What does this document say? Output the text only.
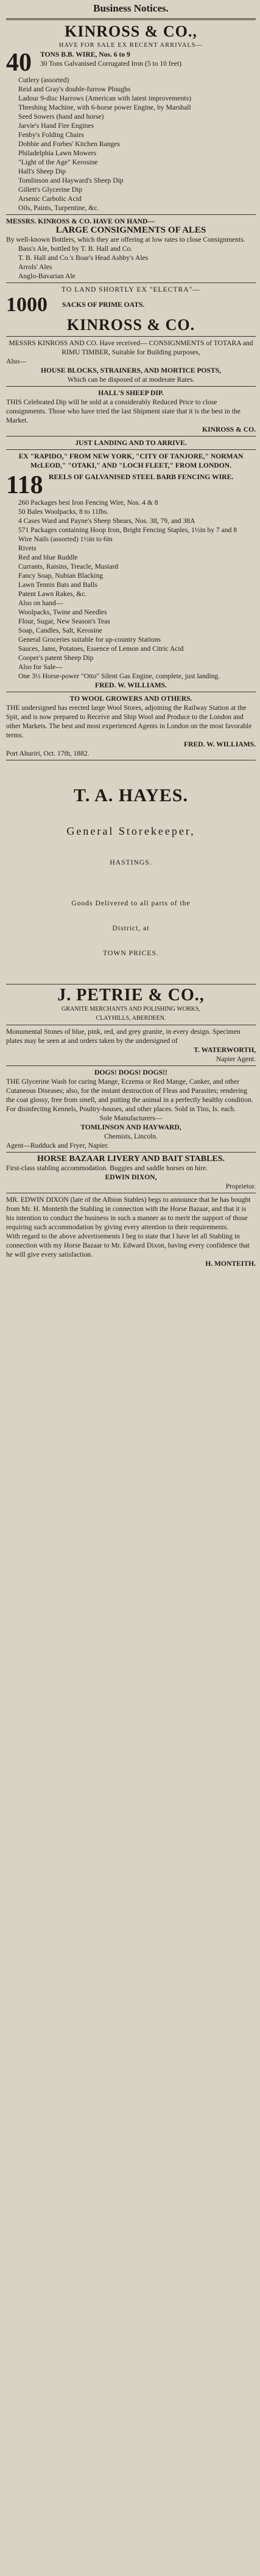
Business Notices.
KINROSS & CO.,
HAVE FOR SALE EX RECENT ARRIVALS—
40	TONS B.B. WIRE, Nos. 6 to 9
30 Tons Galvanised Corrugated Iron (5 to 10 feet)
Cutlery (assorted)
Reid and Gray's double-furrow Ploughs
Ladour 9-disc Harrows (American with latest improvements)
Threshing Machine, with 6-horse power Engine, by Marshall
Seed Sowers (hand and horse)
Jarvie's Hand Fire Engines
Fenby's Folding Chairs
Dobbie and Forbes' Kitchen Ranges
Philadelphia Lawn Mowers
"Light of the Age" Kerosine
Hall's Sheep Dip
Tomlinson and Hayward's Sheep Dip
Gillett's Glycerine Dip
Arsenic Carbolic Acid
Oils, Paints, Turpentine, &c.
MESSRS. KINROSS & CO. HAVE ON HAND—
LARGE CONSIGNMENTS OF ALES
By well-known Bottlers, which they are offering at low rates to close Consignments.
Bass's Ale, bottled by T. B. Hall and Co.
T. B. Hall and Co.'s Boar's Head Ashby's Ales
Arrols' Ales
Anglo-Bavarian Ale
TO LAND SHORTLY EX "ELECTRA"—
1000	SACKS OF PRIME OATS.
KINROSS & CO.
MESSRS KINROSS AND CO. Have received— CONSIGNMENTS of TOTARA and RIMU TIMBER, Suitable for Building purposes,
Also—
HOUSE BLOCKS, STRAINERS, AND MORTICE POSTS,
Which can be disposed of at moderate Rates.
HALL'S SHEEP DIP.
THIS Celebrated Dip will be sold at a considerably Reduced Price to close consignments. Those who have tried the last Shipment state that it is the best in the Market.
KINROSS & CO.
JUST LANDING AND TO ARRIVE.
EX "RAPIDO," FROM NEW YORK, "CITY OF TANJORE," NORMAN McLEOD," "OTAKI," AND "LOCH FLEET," FROM LONDON.
118 REELS OF GALVANISED STEEL BARB FENCING WIRE.
260 Packages best Iron Fencing Wire, Nos. 4 & 8
50 Bales Woolpacks, 8 to 11lbs.
4 Cases Ward and Payne's Sheep Shears, Nos. 38, 79, and 38A
571 Packages containing Hoop Iron, Bright Fencing Staples, 1½in by 7 and 8
Wire Nails (assorted) 1½in to 6in
Rivets
Red and blue Ruddle
Currants, Raisins, Treacle, Mustard
Fancy Soap, Nubian Blacking
Lawn Tennis Bats and Balls
Patent Lawn Rakes, &c.
Also on hand—
Woolpacks, Twine and Needles
Flour, Sugar, New Season's Teas
Soap, Candles, Salt, Kerosine
General Groceries suitable for up-country Stations
Sauces, Jams, Potatoes, Essence of Lemon and Citric Acid
Cooper's patent Sheep Dip
Also for Sale—
One 3½ Horse-power "Otto" Silent Gas Engine, complete, just landing.
FRED. W. WILLIAMS.
TO WOOL GROWERS AND OTHERS.
THE undersigned has erected large Wool Stores, adjoining the Railway Station at the Spit, and is now prepared to Receive and Ship Wool and Produce to the London and other Markets. The best and most experienced Agents in London on the most favorable terms.
FRED. W. WILLIAMS.
Port Ahuriri, Oct. 17th, 1882.
T. A. HAYES.
General Storekeeper,
HASTINGS.
Goods Delivered to all parts of the
District, at
TOWN PRICES.
J. PETRIE & CO.,
GRANITE MERCHANTS AND POLISHING WORKS,
CLAYHILLS, ABERDEEN.
Monumental Stones of blue, pink, red, and grey granite, in every design. Specimen plates may be seen at and orders taken by the undersigned of
T. WATERWORTH,
Napier Agent.
DOGS! DOGS! DOGS!!
THE Glycerine Wash for curing Mange, Eczema or Red Mange, Canker, and other Cutaneous Diseases; also, for the instant destruction of Fleas and Parasites; rendering the coat glossy, free from smell, and putting the animal in a perfectly healthy condition. For disinfecting Kennels, Poultry-houses, and other places. Sold in Tins, Is. each.
Sole Manufacturers—
TOMLINSON AND HAYWARD,
Chemists, Lincoln.
Agent—Rudduck and Fryer, Napier.
HORSE BAZAAR LIVERY AND BAIT STABLES.
First-class stabling accommodation. Buggies and saddle horses on hire.
EDWIN DIXON,
Proprietor.
MR. EDWIN DIXON (late of the Albion Stables) begs to announce that he has bought from Mr. H. Monteith the Stabling in connection with the Horse Bazaar, and that it is his intention to conduct the business in such a manner as to merit the support of those requiring such accommodation by giving every attention to their requirements.
With regard to the above advertisements I beg to state that I have let all Stabling in connection with my Horse Bazaar to Mr. Edward Dixon, having every confidence that he will give every satisfaction.
H. MONTEITH.
